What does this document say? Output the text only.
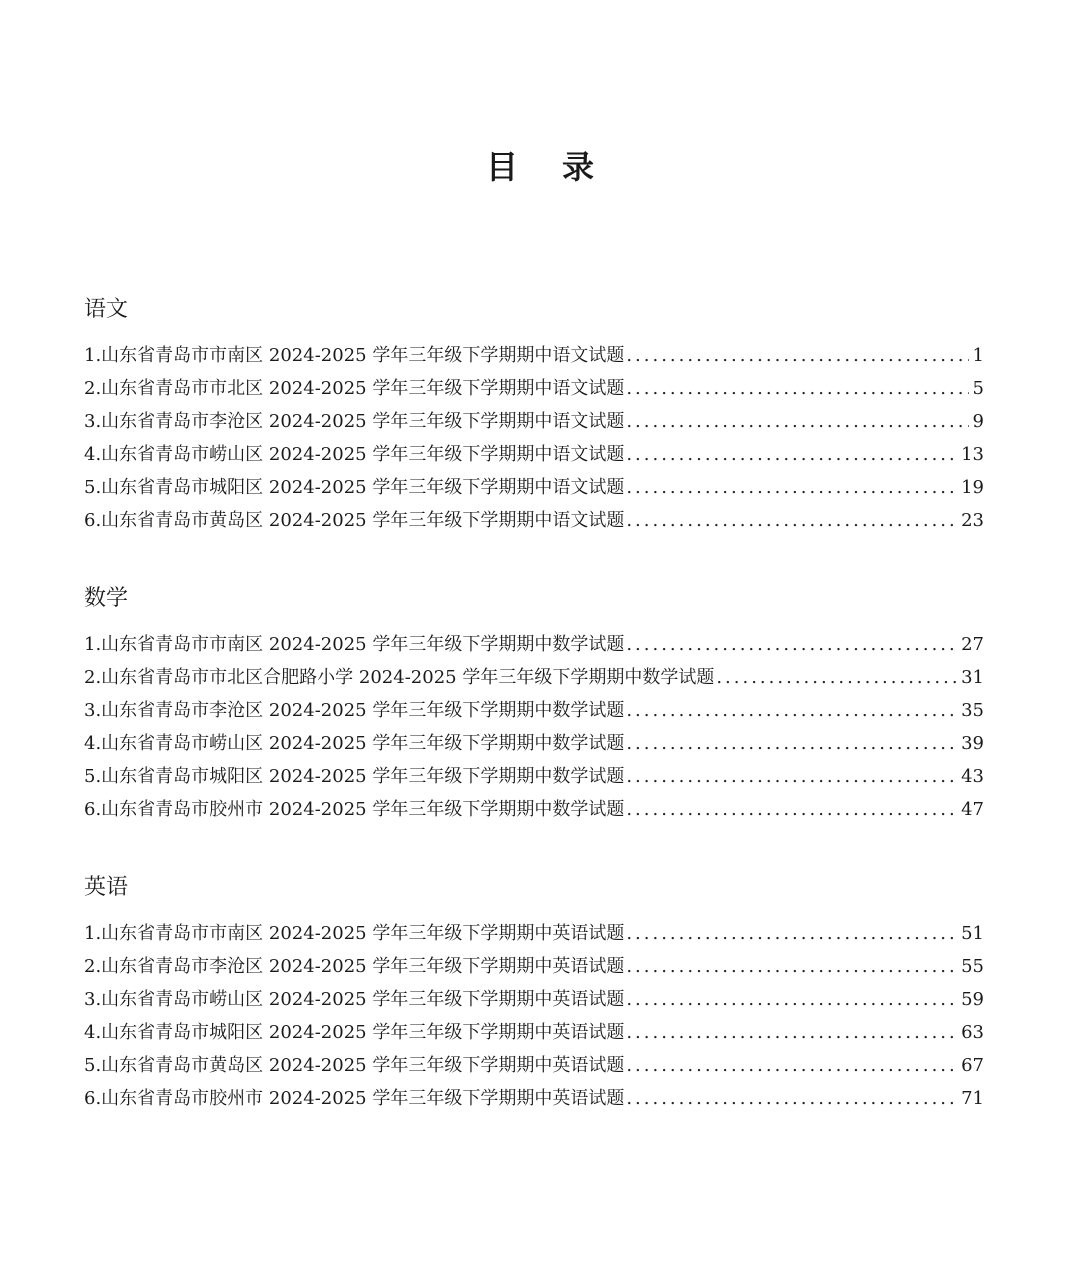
目录
语文
1.山东省青岛市市南区 2024-2025 学年三年级下学期期中语文试题 .....	1
2.山东省青岛市市北区 2024-2025 学年三年级下学期期中语文试题 .....	5
3.山东省青岛市李沧区 2024-2025 学年三年级下学期期中语文试题 .....	9
4.山东省青岛市崂山区 2024-2025 学年三年级下学期期中语文试题 .....	13
5.山东省青岛市城阳区 2024-2025 学年三年级下学期期中语文试题 .....	19
6.山东省青岛市黄岛区 2024-2025 学年三年级下学期期中语文试题 .....	23
数学
1.山东省青岛市市南区 2024-2025 学年三年级下学期期中数学试题 .....	27
2.山东省青岛市市北区合肥路小学 2024-2025 学年三年级下学期期中数学试题 .....	31
3.山东省青岛市李沧区 2024-2025 学年三年级下学期期中数学试题 .....	35
4.山东省青岛市崂山区 2024-2025 学年三年级下学期期中数学试题 .....	39
5.山东省青岛市城阳区 2024-2025 学年三年级下学期期中数学试题 .....	43
6.山东省青岛市胶州市 2024-2025 学年三年级下学期期中数学试题 .....	47
英语
1.山东省青岛市市南区 2024-2025 学年三年级下学期期中英语试题 .....	51
2.山东省青岛市李沧区 2024-2025 学年三年级下学期期中英语试题 .....	55
3.山东省青岛市崂山区 2024-2025 学年三年级下学期期中英语试题 .....	59
4.山东省青岛市城阳区 2024-2025 学年三年级下学期期中英语试题 .....	63
5.山东省青岛市黄岛区 2024-2025 学年三年级下学期期中英语试题 .....	67
6.山东省青岛市胶州市 2024-2025 学年三年级下学期期中英语试题 .....	71
